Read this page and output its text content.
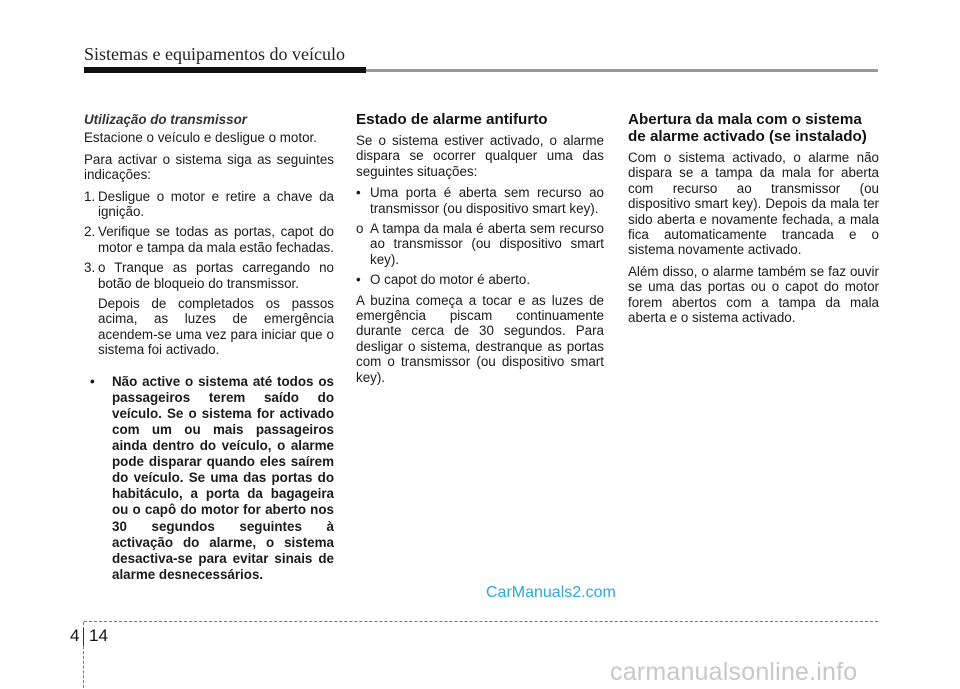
Sistemas e equipamentos do veículo
Utilização do transmissor

Estacione o veículo e desligue o motor.

Para activar o sistema siga as seguintes indicações:

1. Desligue o motor e retire a chave da ignição.
2. Verifique se todas as portas, capot do motor e tampa da mala estão fechadas.
3. o Tranque as portas carregando no botão de bloqueio do transmissor.

Depois de completados os passos acima, as luzes de emergência acendem-se uma vez para iniciar que o sistema foi activado.

•	Não active o sistema até todos os passageiros terem saído do veículo. Se o sistema for activado com um ou mais passageiros ainda dentro do veículo, o alarme pode disparar quando eles saírem do veículo. Se uma das portas do habitáculo, a porta da bagageira ou o capô do motor for aberto nos 30 segundos seguintes à activação do alarme, o sistema desactiva-se para evitar sinais de alarme desnecessários.
Estado de alarme antifurto

Se o sistema estiver activado, o alarme dispara se ocorrer qualquer uma das seguintes situações:

• Uma porta é aberta sem recurso ao transmissor (ou dispositivo smart key).
o A tampa da mala é aberta sem recurso ao transmissor (ou dispositivo smart key).
• O capot do motor é aberto.

A buzina começa a tocar e as luzes de emergência piscam continuamente durante cerca de 30 segundos. Para desligar o sistema, destranque as portas com o transmissor (ou dispositivo smart key).

Abertura da mala com o sistema de alarme activado (se instalado)

Com o sistema activado, o alarme não dispara se a tampa da mala for aberta com recurso ao transmissor (ou dispositivo smart key). Depois da mala ter sido aberta e novamente fechada, a mala fica automaticamente trancada e o sistema novamente activado.

Além disso, o alarme também se faz ouvir se uma das portas ou o capot do motor forem abertos com a tampa da mala aberta e o sistema activado.

CarManuals2.com
4 14
carmanualsonline.info
